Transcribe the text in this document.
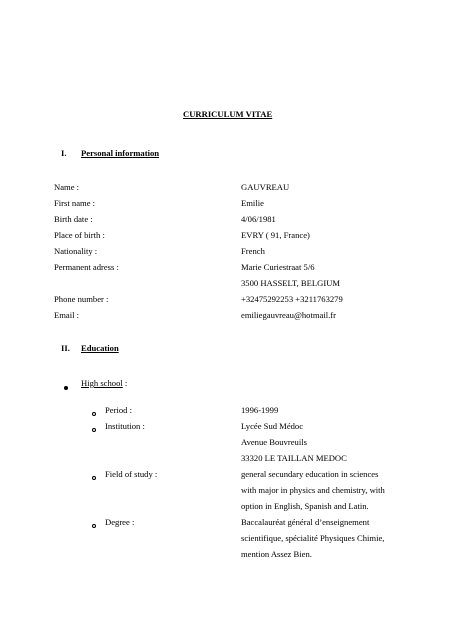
CURRICULUM VITAE
I. Personal information
Name :	GAUVREAU
First name :	Emilie
Birth date :	4/06/1981
Place of birth :	EVRY ( 91, France)
Nationality :	French
Permanent adress :	Marie Curiestraat 5/6
3500 HASSELT, BELGIUM
Phone number :	+32475292253 +3211763279
Email :	emiliegauvreau@hotmail.fr
II. Education
High school :
Period :	1996-1999
Institution :	Lycée Sud Médoc
Avenue Bouvreuils
33320 LE TAILLAN MEDOC
Field of study :	general secundary education in sciences
with major in physics and chemistry, with
option in English, Spanish and Latin.
Degree :	Baccalauréat général d’enseignement
scientifique, spécialité Physiques Chimie,
mention Assez Bien.
